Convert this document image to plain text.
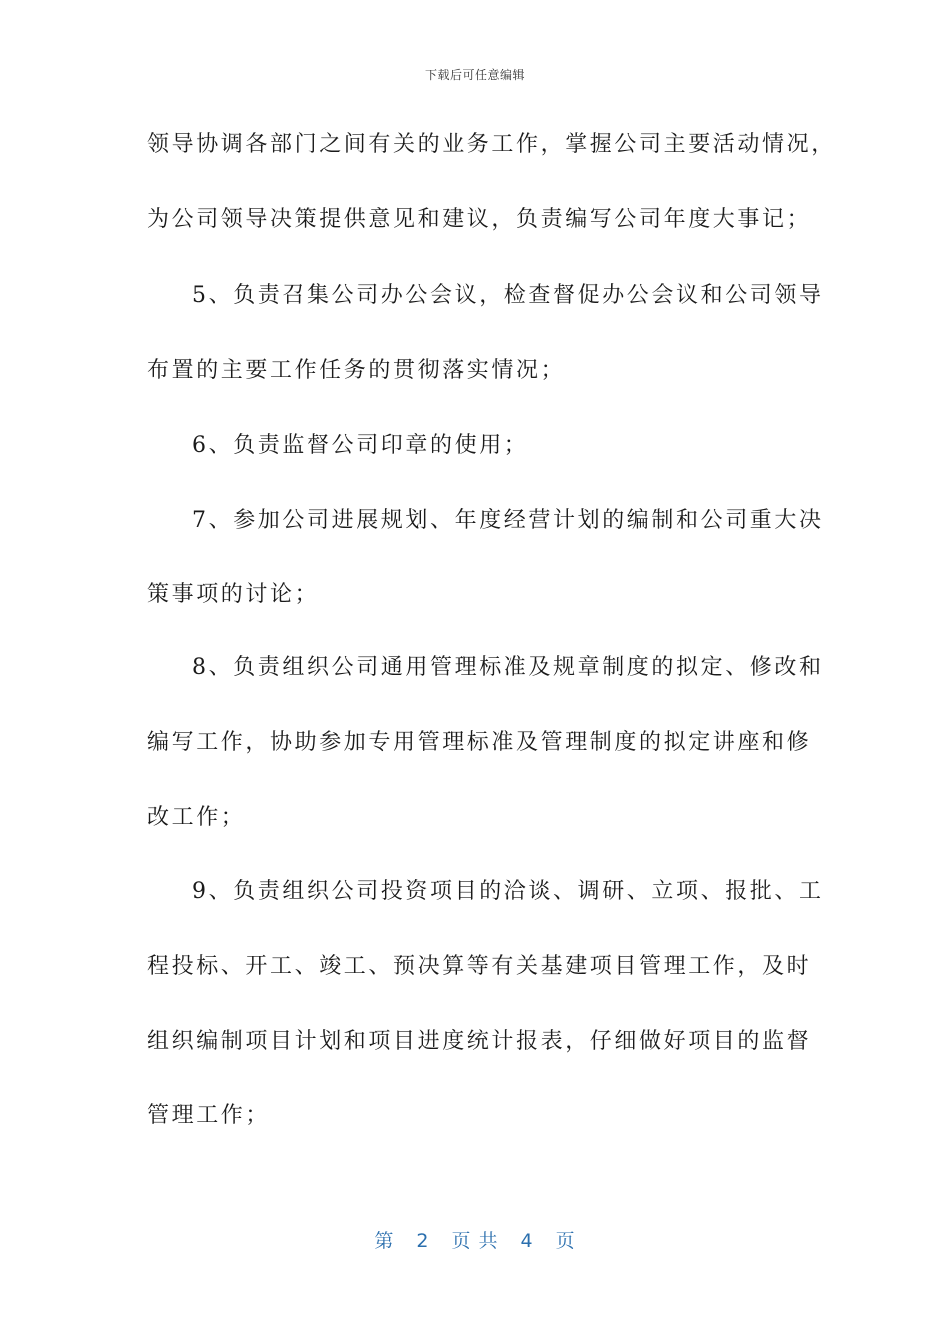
下载后可任意编辑
领导协调各部门之间有关的业务工作，掌握公司主要活动情况，
为公司领导决策提供意见和建议，负责编写公司年度大事记；
5、负责召集公司办公会议，检查督促办公会议和公司领导
布置的主要工作任务的贯彻落实情况；
6、负责监督公司印章的使用；
7、参加公司进展规划、年度经营计划的编制和公司重大决
策事项的讨论；
8、负责组织公司通用管理标准及规章制度的拟定、修改和
编写工作，协助参加专用管理标准及管理制度的拟定讲座和修
改工作；
9、负责组织公司投资项目的洽谈、调研、立项、报批、工
程投标、开工、竣工、预决算等有关基建项目管理工作，及时
组织编制项目计划和项目进度统计报表，仔细做好项目的监督
管理工作；
第 2 页 共 4 页
